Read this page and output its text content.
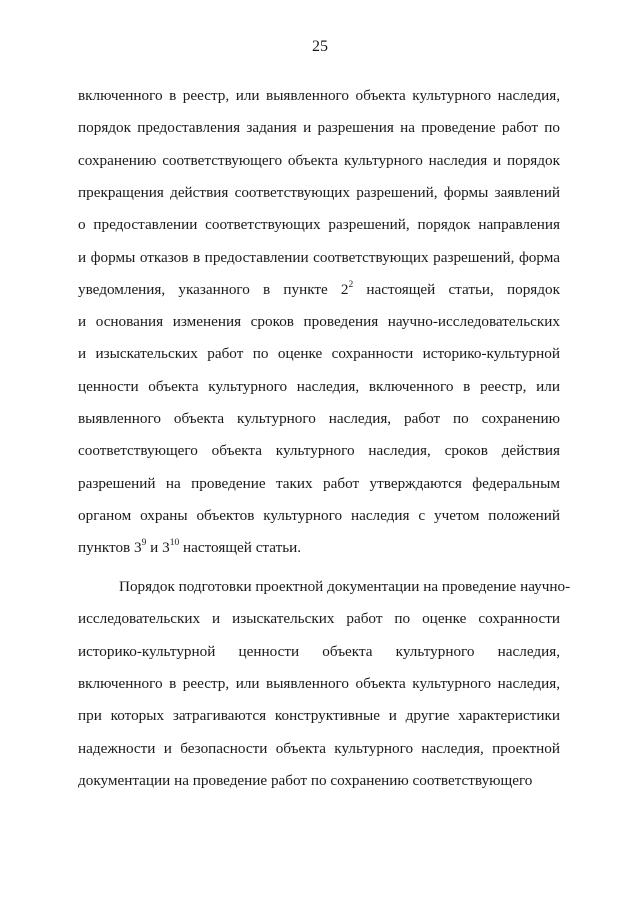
25
включенного в реестр, или выявленного объекта культурного наследия,
порядок предоставления задания и разрешения на проведение работ по
сохранению соответствующего объекта культурного наследия и порядок
прекращения действия соответствующих разрешений, формы заявлений
о предоставлении соответствующих разрешений, порядок направления
и формы отказов в предоставлении соответствующих разрешений, форма
уведомления, указанного в пункте $2^2$ настоящей статьи, порядок
и основания изменения сроков проведения научно-исследовательских
и изыскательских работ по оценке сохранности историко-культурной
ценности объекта культурного наследия, включенного в реестр, или
выявленного объекта культурного наследия, работ по сохранению
соответствующего объекта культурного наследия, сроков действия
разрешений на проведение таких работ утверждаются федеральным
органом охраны объектов культурного наследия с учетом положений
пунктов $3^9$ и $3^{10}$ настоящей статьи.
Порядок подготовки проектной документации на проведение научно-
исследовательских и изыскательских работ по оценке сохранности
историко-культурной ценности объекта культурного наследия,
включенного в реестр, или выявленного объекта культурного наследия,
при которых затрагиваются конструктивные и другие характеристики
надежности и безопасности объекта культурного наследия, проектной
документации на проведение работ по сохранению соответствующего
